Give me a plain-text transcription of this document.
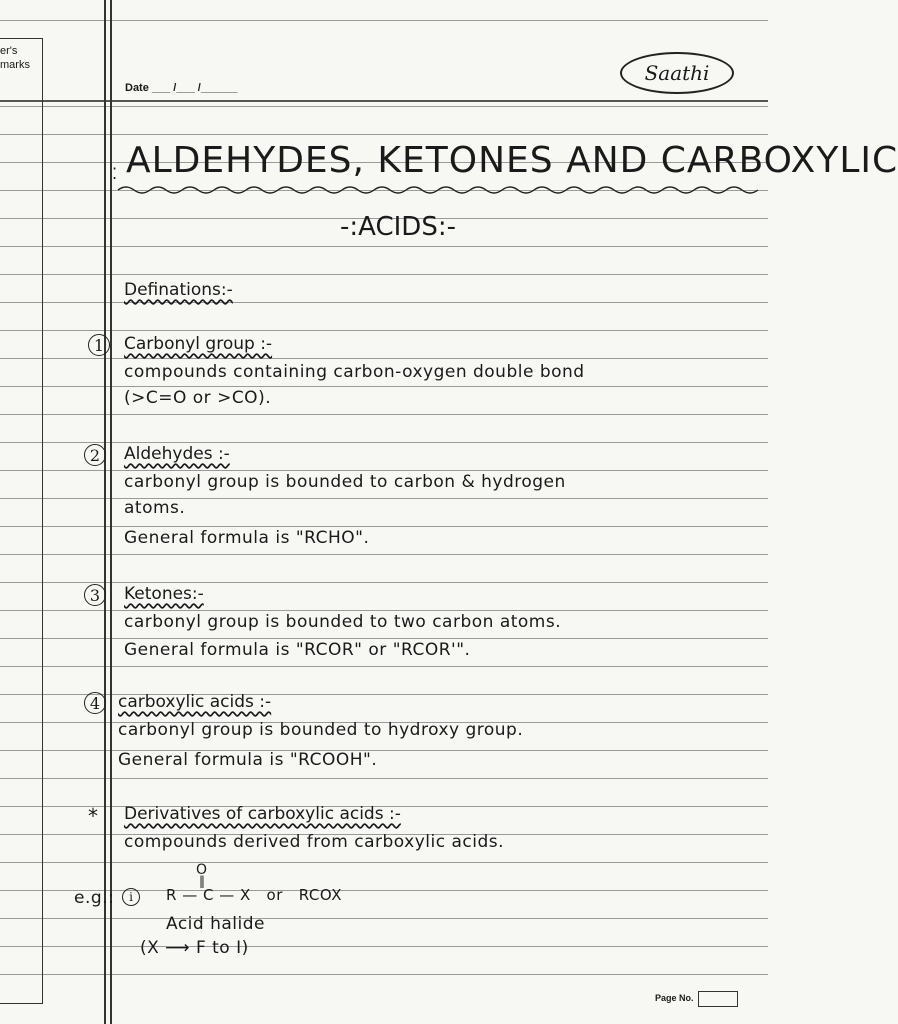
er's
marks
Date ___ /___ /______
Saathi
⁚ ALDEHYDES, KETONES AND CARBOXYLIC
-:ACIDS:-
Definations:-
1	Carbonyl group :-
compounds containing carbon-oxygen double bond
(>C=O or >CO).
2	Aldehydes :-
carbonyl group is bounded to carbon & hydrogen
atoms.
General formula is "RCHO".
3	Ketones:-
carbonyl group is bounded to two carbon atoms.
General formula is "RCOR" or "RCOR'".
4	carboxylic acids :-
carbonyl group is bounded to hydroxy group.
General formula is "RCOOH".
* Derivatives of carboxylic acids :-
compounds derived from carboxylic acids.
e.g.:	i
O
‖
R — C — X   or   RCOX
Acid halide
(X ⟶ F to I)
Page No.
